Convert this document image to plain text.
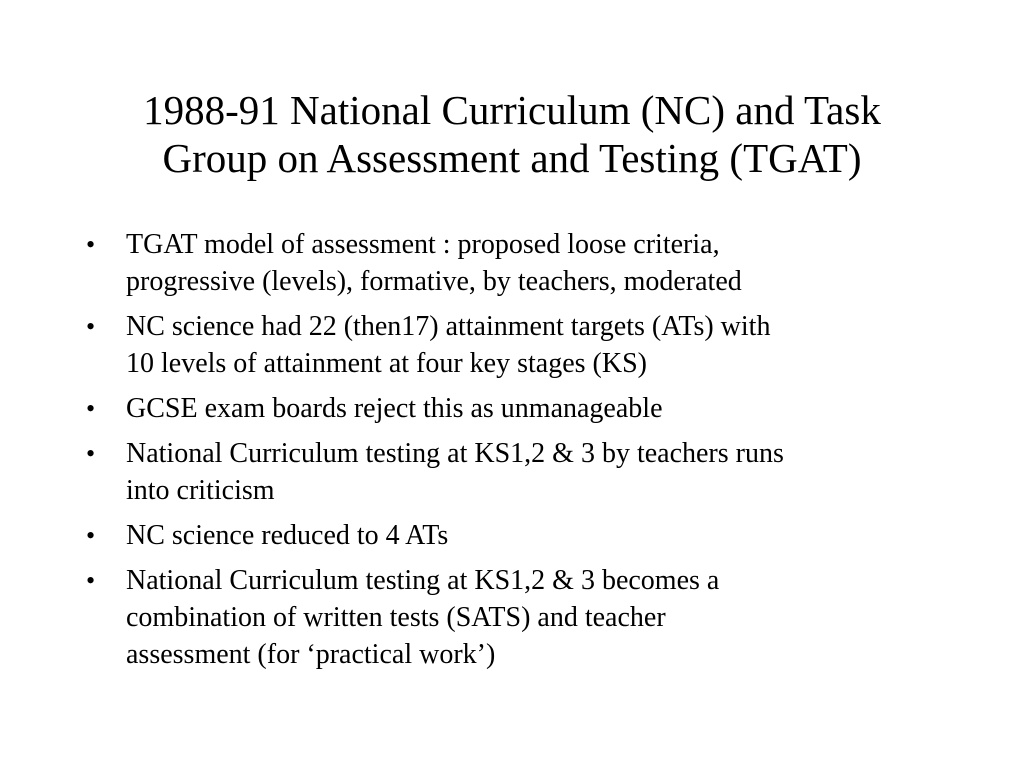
1988-91 National Curriculum (NC) and Task
Group on Assessment and Testing (TGAT)
•	TGAT model of assessment : proposed loose criteria,
progressive (levels), formative, by teachers, moderated
•	NC science had 22 (then17) attainment targets (ATs) with
10 levels of attainment at four key stages (KS)
•	GCSE exam boards reject this as unmanageable
•	National Curriculum testing at KS1,2 & 3 by teachers runs
into criticism
•	NC science reduced to 4 ATs
•	National Curriculum testing at KS1,2 & 3 becomes a
combination of written tests (SATS) and teacher
assessment (for ‘practical work’)
